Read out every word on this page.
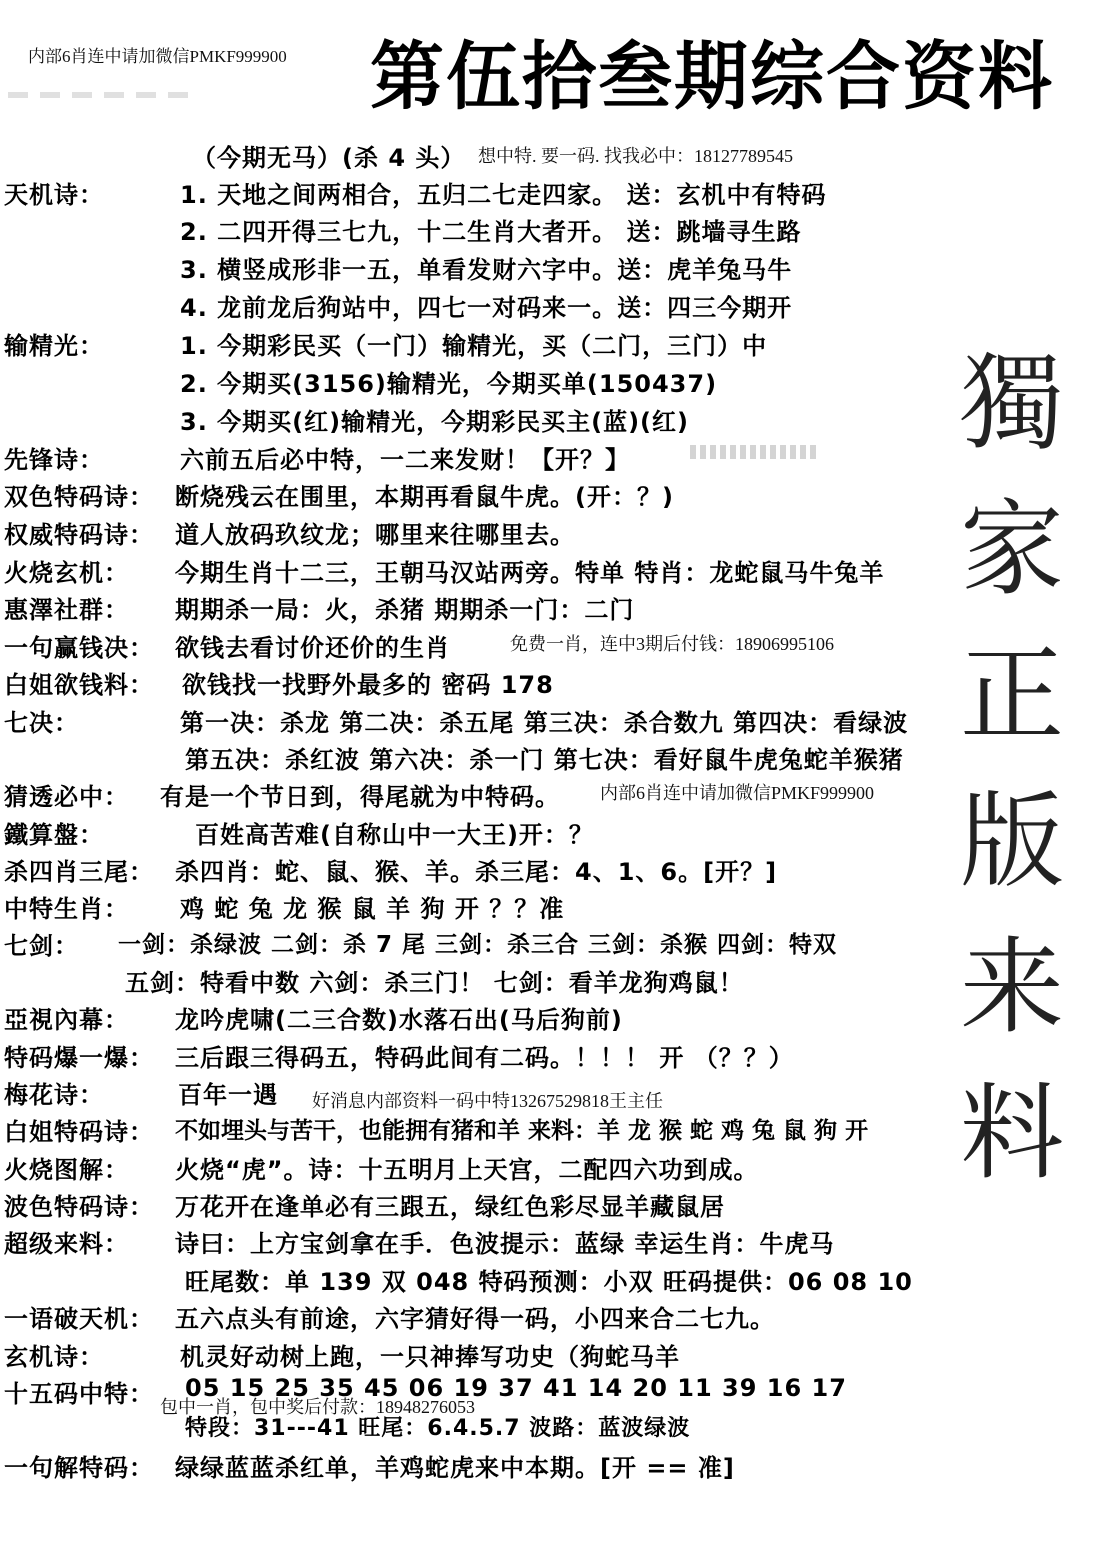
内部6肖连中请加微信PMKF999900 第伍拾叁期综合资料
（今期无马）(杀 4 头） 想中特. 要一码. 找我必中：18127789545
天机诗：	1. 天地之间两相合，五归二七走四家。 送：玄机中有特码
2. 二四开得三七九，十二生肖大者开。 送：跳墙寻生路
3. 横竖成形非一五，单看发财六字中。送：虎羊兔马牛
4. 龙前龙后狗站中，四七一对码来一。送：四三今期开
输精光：	1. 今期彩民买（一门）输精光，买（二门，三门）中
2. 今期买(3156)输精光，今期买单(150437)
3. 今期买(红)输精光，今期彩民买主(蓝)(红)
先锋诗：	六前五后必中特，一二来发财！【开？】
双色特码诗： 断烧残云在围里，本期再看鼠牛虎。(开：？)
权威特码诗： 道人放码玖纹龙；哪里来往哪里去。
火烧玄机： 今期生肖十二三，王朝马汉站两旁。特单 特肖：龙蛇鼠马牛兔羊
惠澤社群： 期期杀一局：火，杀猪 期期杀一门：二门
一句赢钱决： 欲钱去看讨价还价的生肖	免费一肖，连中3期后付钱：18906995106
白姐欲钱料： 欲钱找一找野外最多的 密码 178
七决：	第一决：杀龙 第二决：杀五尾 第三决：杀合数九 第四决：看绿波
第五决：杀红波 第六决：杀一门 第七决：看好鼠牛虎兔蛇羊猴猪
猜透必中： 有是一个节日到，得尾就为中特码。 内部6肖连中请加微信PMKF999900
鐵算盤：	百姓高苦难(自称山中一大王)开：？
杀四肖三尾： 杀四肖：蛇、鼠、猴、羊。杀三尾：4、1、6。[开？]
中特生肖： 鸡 蛇 兔 龙 猴 鼠 羊 狗 开 ？？准
七剑： 一剑：杀绿波 二剑：杀 7 尾 三剑：杀三合 三剑：杀猴 四剑：特双
五剑：特看中数 六剑：杀三门！ 七剑：看羊龙狗鸡鼠！
亞視內幕： 龙吟虎啸(二三合数)水落石出(马后狗前)
特码爆一爆： 三后跟三得码五，特码此间有二码。！！！ 开 （？？）
梅花诗：	百年一遇 好消息内部资料一码中特13267529818王主任
白姐特码诗： 不如埋头与苦干，也能拥有猪和羊 来料：羊 龙 猴 蛇 鸡 兔 鼠 狗 开
火烧图解： 火烧“虎”。诗：十五明月上天宫，二配四六功到成。
波色特码诗： 万花开在逢单必有三跟五，绿红色彩尽显羊藏鼠居
超级来料： 诗曰：上方宝剑拿在手．色波提示：蓝绿 幸运生肖：牛虎马
旺尾数：单 139 双 048 特码预测：小双 旺码提供：06 08 10
一语破天机： 五六点头有前途，六字猜好得一码，小四来合二七九。
玄机诗：	机灵好动树上跑，一只神捧写功史（狗蛇马羊
十五码中特： 05 15 25 35 45 06 19 37 41 14 20 11 39 16 17
包中一肖，包中奖后付款：18948276053
特段：31---41 旺尾：6.4.5.7 波路：蓝波绿波
一句解特码： 绿绿蓝蓝杀红单，羊鸡蛇虎来中本期。[开 == 准]
獨
家
正
版
来
料
